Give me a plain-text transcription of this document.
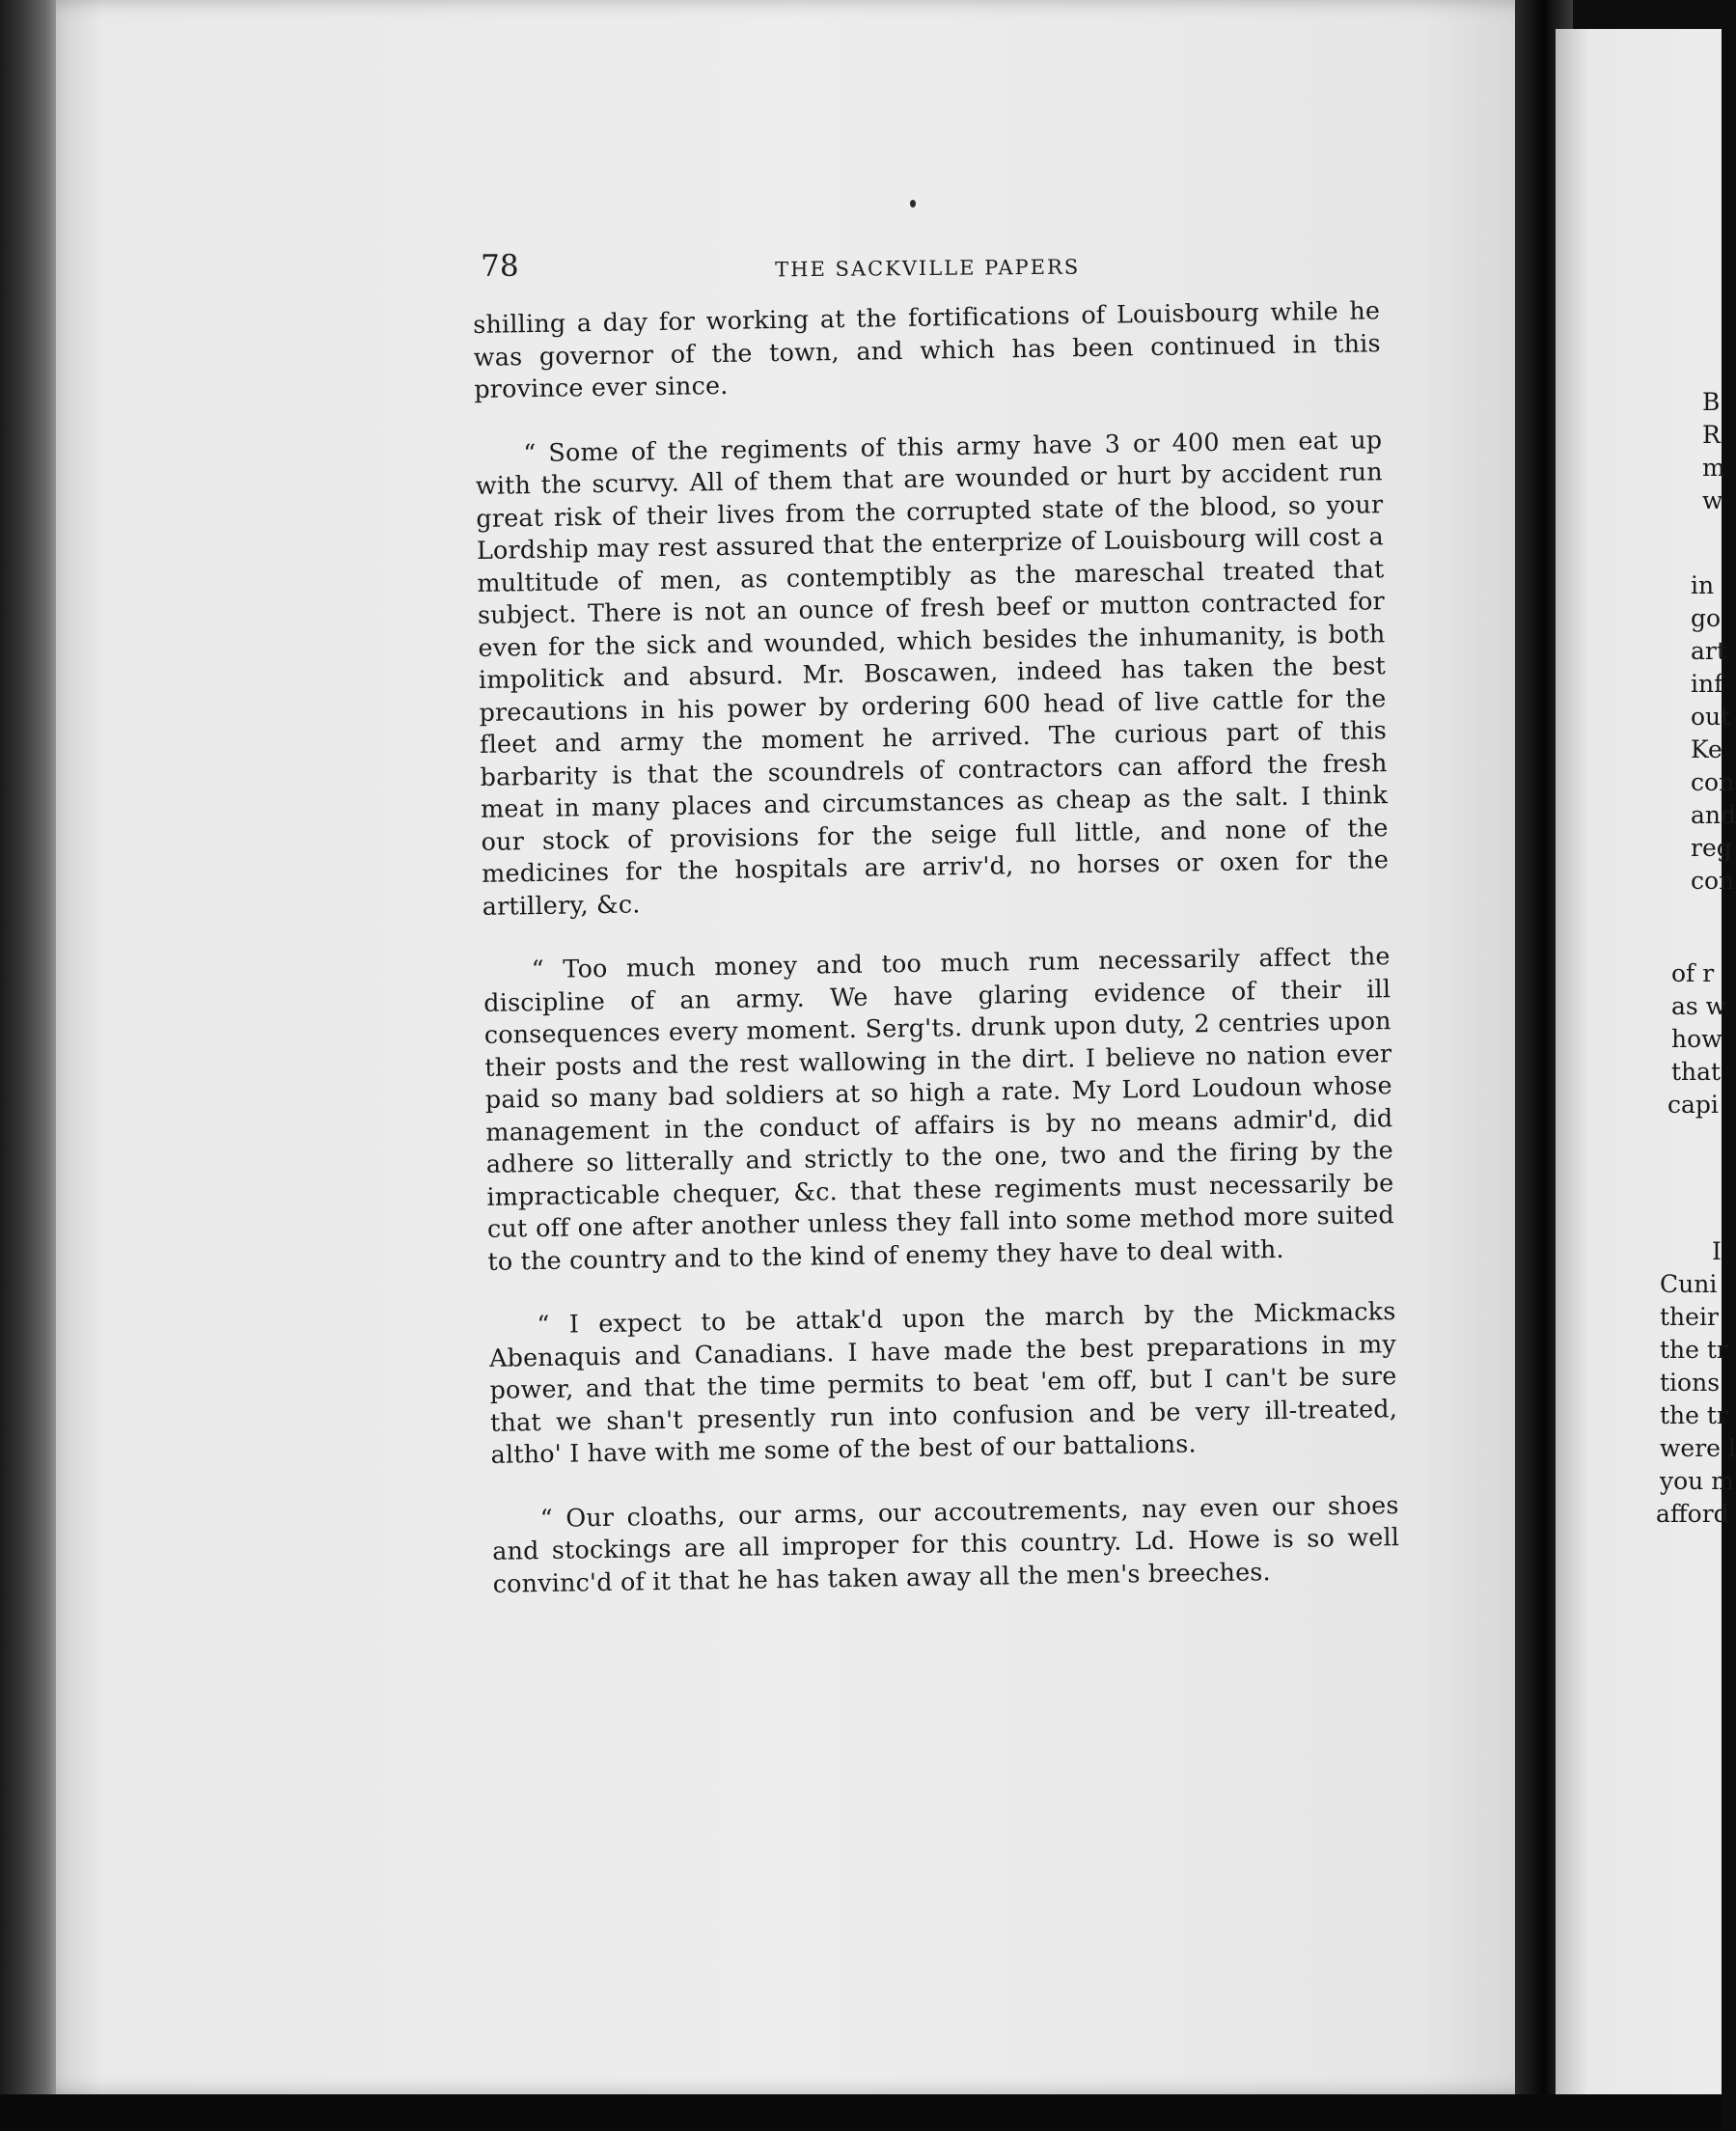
78	THE SACKVILLE PAPERS

shilling a day for working at the fortifications of Louisbourg while he was governor of the town, and which has been continued in this province ever since.

“ Some of the regiments of this army have 3 or 400 men eat up with the scurvy. All of them that are wounded or hurt by accident run great risk of their lives from the corrupted state of the blood, so your Lordship may rest assured that the enterprize of Louisbourg will cost a multitude of men, as contemptibly as the mareschal treated that subject. There is not an ounce of fresh beef or mutton contracted for even for the sick and wounded, which besides the inhumanity, is both impolitick and absurd. Mr. Boscawen, indeed has taken the best precautions in his power by ordering 600 head of live cattle for the fleet and army the moment he arrived. The curious part of this barbarity is that the scoundrels of contractors can afford the fresh meat in many places and circumstances as cheap as the salt. I think our stock of provisions for the seige full little, and none of the medicines for the hospitals are arriv'd, no horses or oxen for the artillery, &c.

“ Too much money and too much rum necessarily affect the discipline of an army. We have glaring evidence of their ill consequences every moment. Serg'ts. drunk upon duty, 2 centries upon their posts and the rest wallowing in the dirt. I believe no nation ever paid so many bad soldiers at so high a rate. My Lord Loudoun whose management in the conduct of affairs is by no means admir'd, did adhere so litterally and strictly to the one, two and the firing by the impracticable chequer, &c. that these regiments must necessarily be cut off one after another unless they fall into some method more suited to the country and to the kind of enemy they have to deal with.

“ I expect to be attak'd upon the march by the Mickmacks Abenaquis and Canadians. I have made the best preparations in my power, and that the time permits to beat 'em off, but I can't be sure that we shan't presently run into confusion and be very ill-treated, altho' I have with me some of the best of our battalions.

“ Our cloaths, our arms, our accoutrements, nay even our shoes and stockings are all improper for this country. Ld. Howe is so well convinc'd of it that he has taken away all the men's breeches.

B
R
m
w
in
go
art
inf
out
Ke
con
and
reg
con
of r
as w
how
that
capi
I
Cuni
their
the tr
tions
the tr
were l
you m
afford
